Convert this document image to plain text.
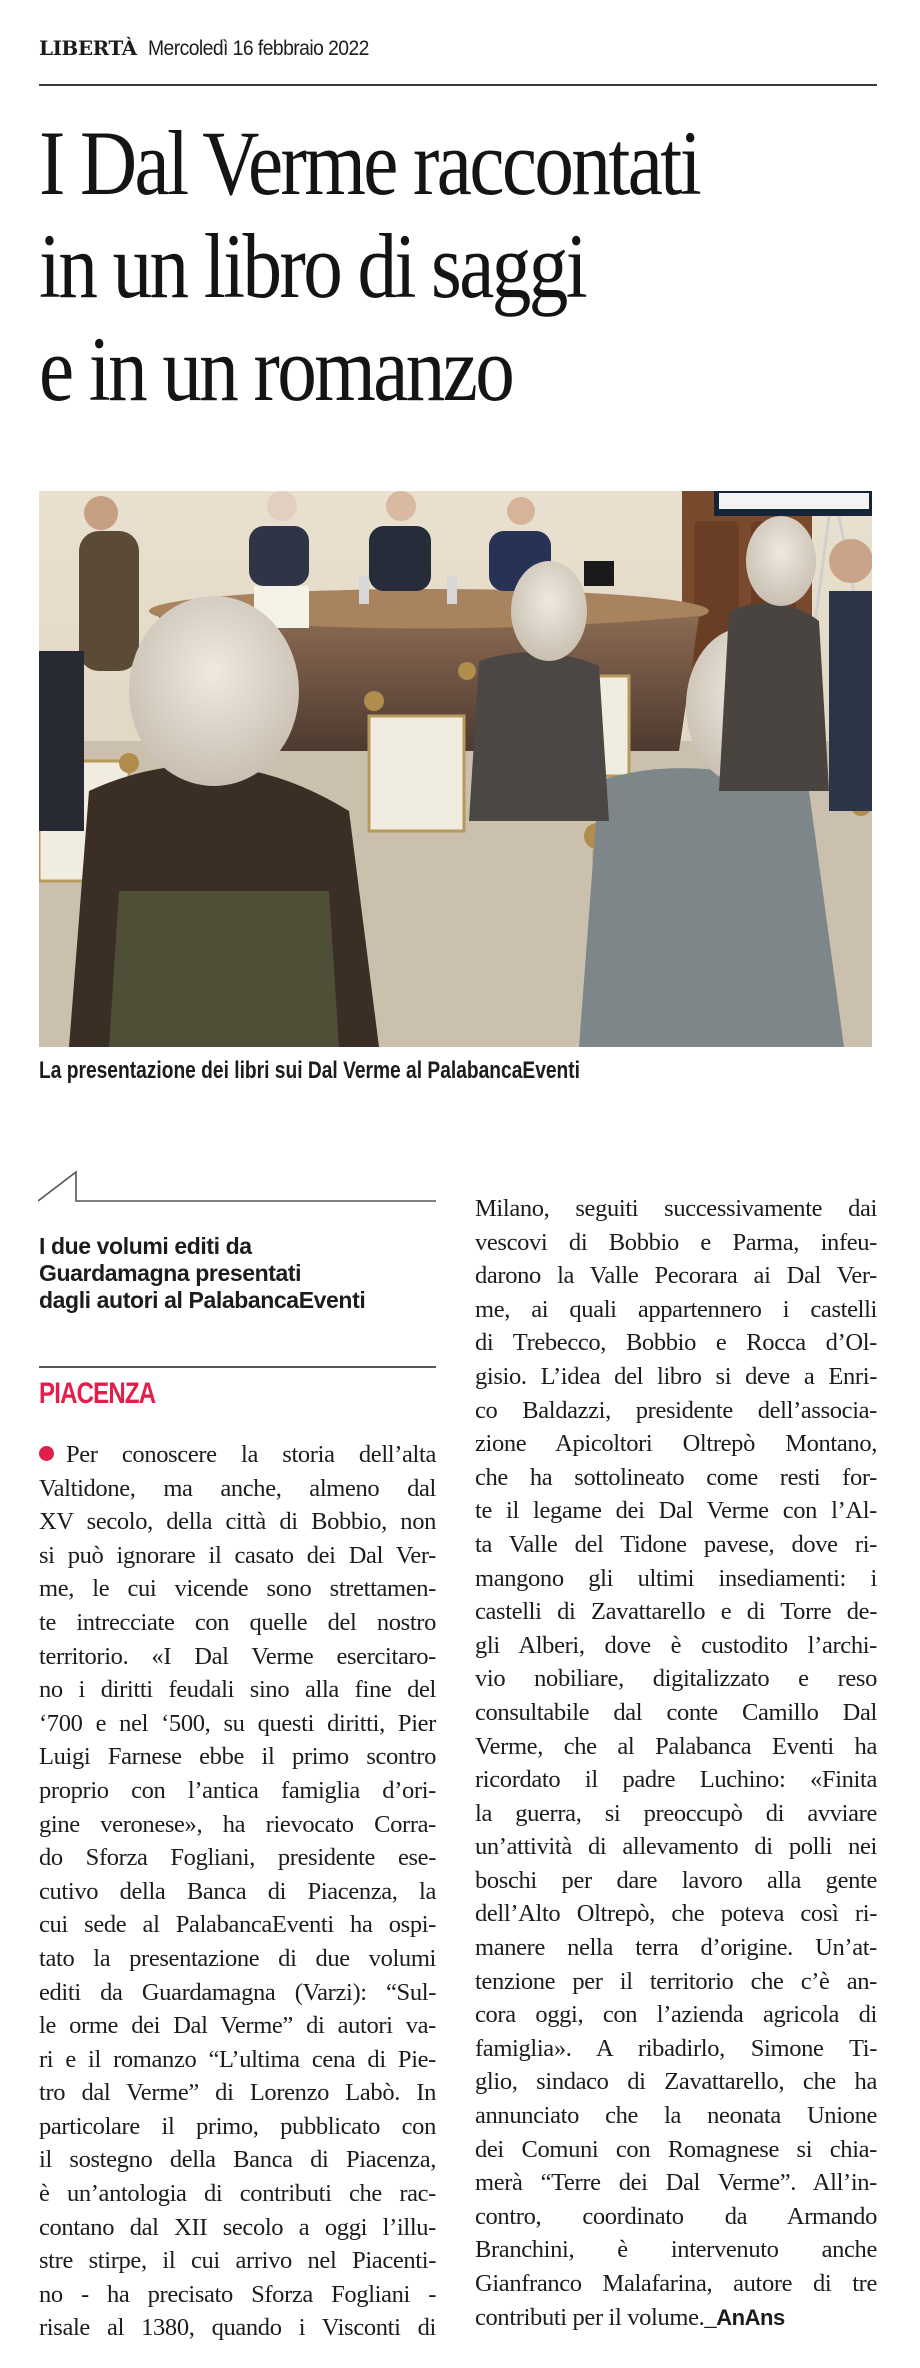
LIBERTÀ Mercoledì 16 febbraio 2022
I Dal Verme raccontati
in un libro di saggi
e in un romanzo
La presentazione dei libri sui Dal Verme al PalabancaEventi
I due volumi editi da
Guardamagna presentati
dagli autori al PalabancaEventi
PIACENZA
Per conoscere la storia dell’alta
Valtidone, ma anche, almeno dal
XV secolo, della città di Bobbio, non
si può ignorare il casato dei Dal Ver-
me, le cui vicende sono strettamen-
te intrecciate con quelle del nostro
territorio. «I Dal Verme esercitaro-
no i diritti feudali sino alla fine del
‘700 e nel ‘500, su questi diritti, Pier
Luigi Farnese ebbe il primo scontro
proprio con l’antica famiglia d’ori-
gine veronese», ha rievocato Corra-
do Sforza Fogliani, presidente ese-
cutivo della Banca di Piacenza, la
cui sede al PalabancaEventi ha ospi-
tato la presentazione di due volumi
editi da Guardamagna (Varzi): “Sul-
le orme dei Dal Verme” di autori va-
ri e il romanzo “L’ultima cena di Pie-
tro dal Verme” di Lorenzo Labò. In
particolare il primo, pubblicato con
il sostegno della Banca di Piacenza,
è un’antologia di contributi che rac-
contano dal XII secolo a oggi l’illu-
stre stirpe, il cui arrivo nel Piacenti-
no - ha precisato Sforza Fogliani -
risale al 1380, quando i Visconti di
Milano, seguiti successivamente dai
vescovi di Bobbio e Parma, infeu-
darono la Valle Pecorara ai Dal Ver-
me, ai quali appartennero i castelli
di Trebecco, Bobbio e Rocca d’Ol-
gisio. L’idea del libro si deve a Enri-
co Baldazzi, presidente dell’associa-
zione Apicoltori Oltrepò Montano,
che ha sottolineato come resti for-
te il legame dei Dal Verme con l’Al-
ta Valle del Tidone pavese, dove ri-
mangono gli ultimi insediamenti: i
castelli di Zavattarello e di Torre de-
gli Alberi, dove è custodito l’archi-
vio nobiliare, digitalizzato e reso
consultabile dal conte Camillo Dal
Verme, che al Palabanca Eventi ha
ricordato il padre Luchino: «Finita
la guerra, si preoccupò di avviare
un’attività di allevamento di polli nei
boschi per dare lavoro alla gente
dell’Alto Oltrepò, che poteva così ri-
manere nella terra d’origine. Un’at-
tenzione per il territorio che c’è an-
cora oggi, con l’azienda agricola di
famiglia». A ribadirlo, Simone Ti-
glio, sindaco di Zavattarello, che ha
annunciato che la neonata Unione
dei Comuni con Romagnese si chia-
merà “Terre dei Dal Verme”. All’in-
contro, coordinato da Armando
Branchini, è intervenuto anche
Gianfranco Malafarina, autore di tre
contributi per il volume._AnAns
